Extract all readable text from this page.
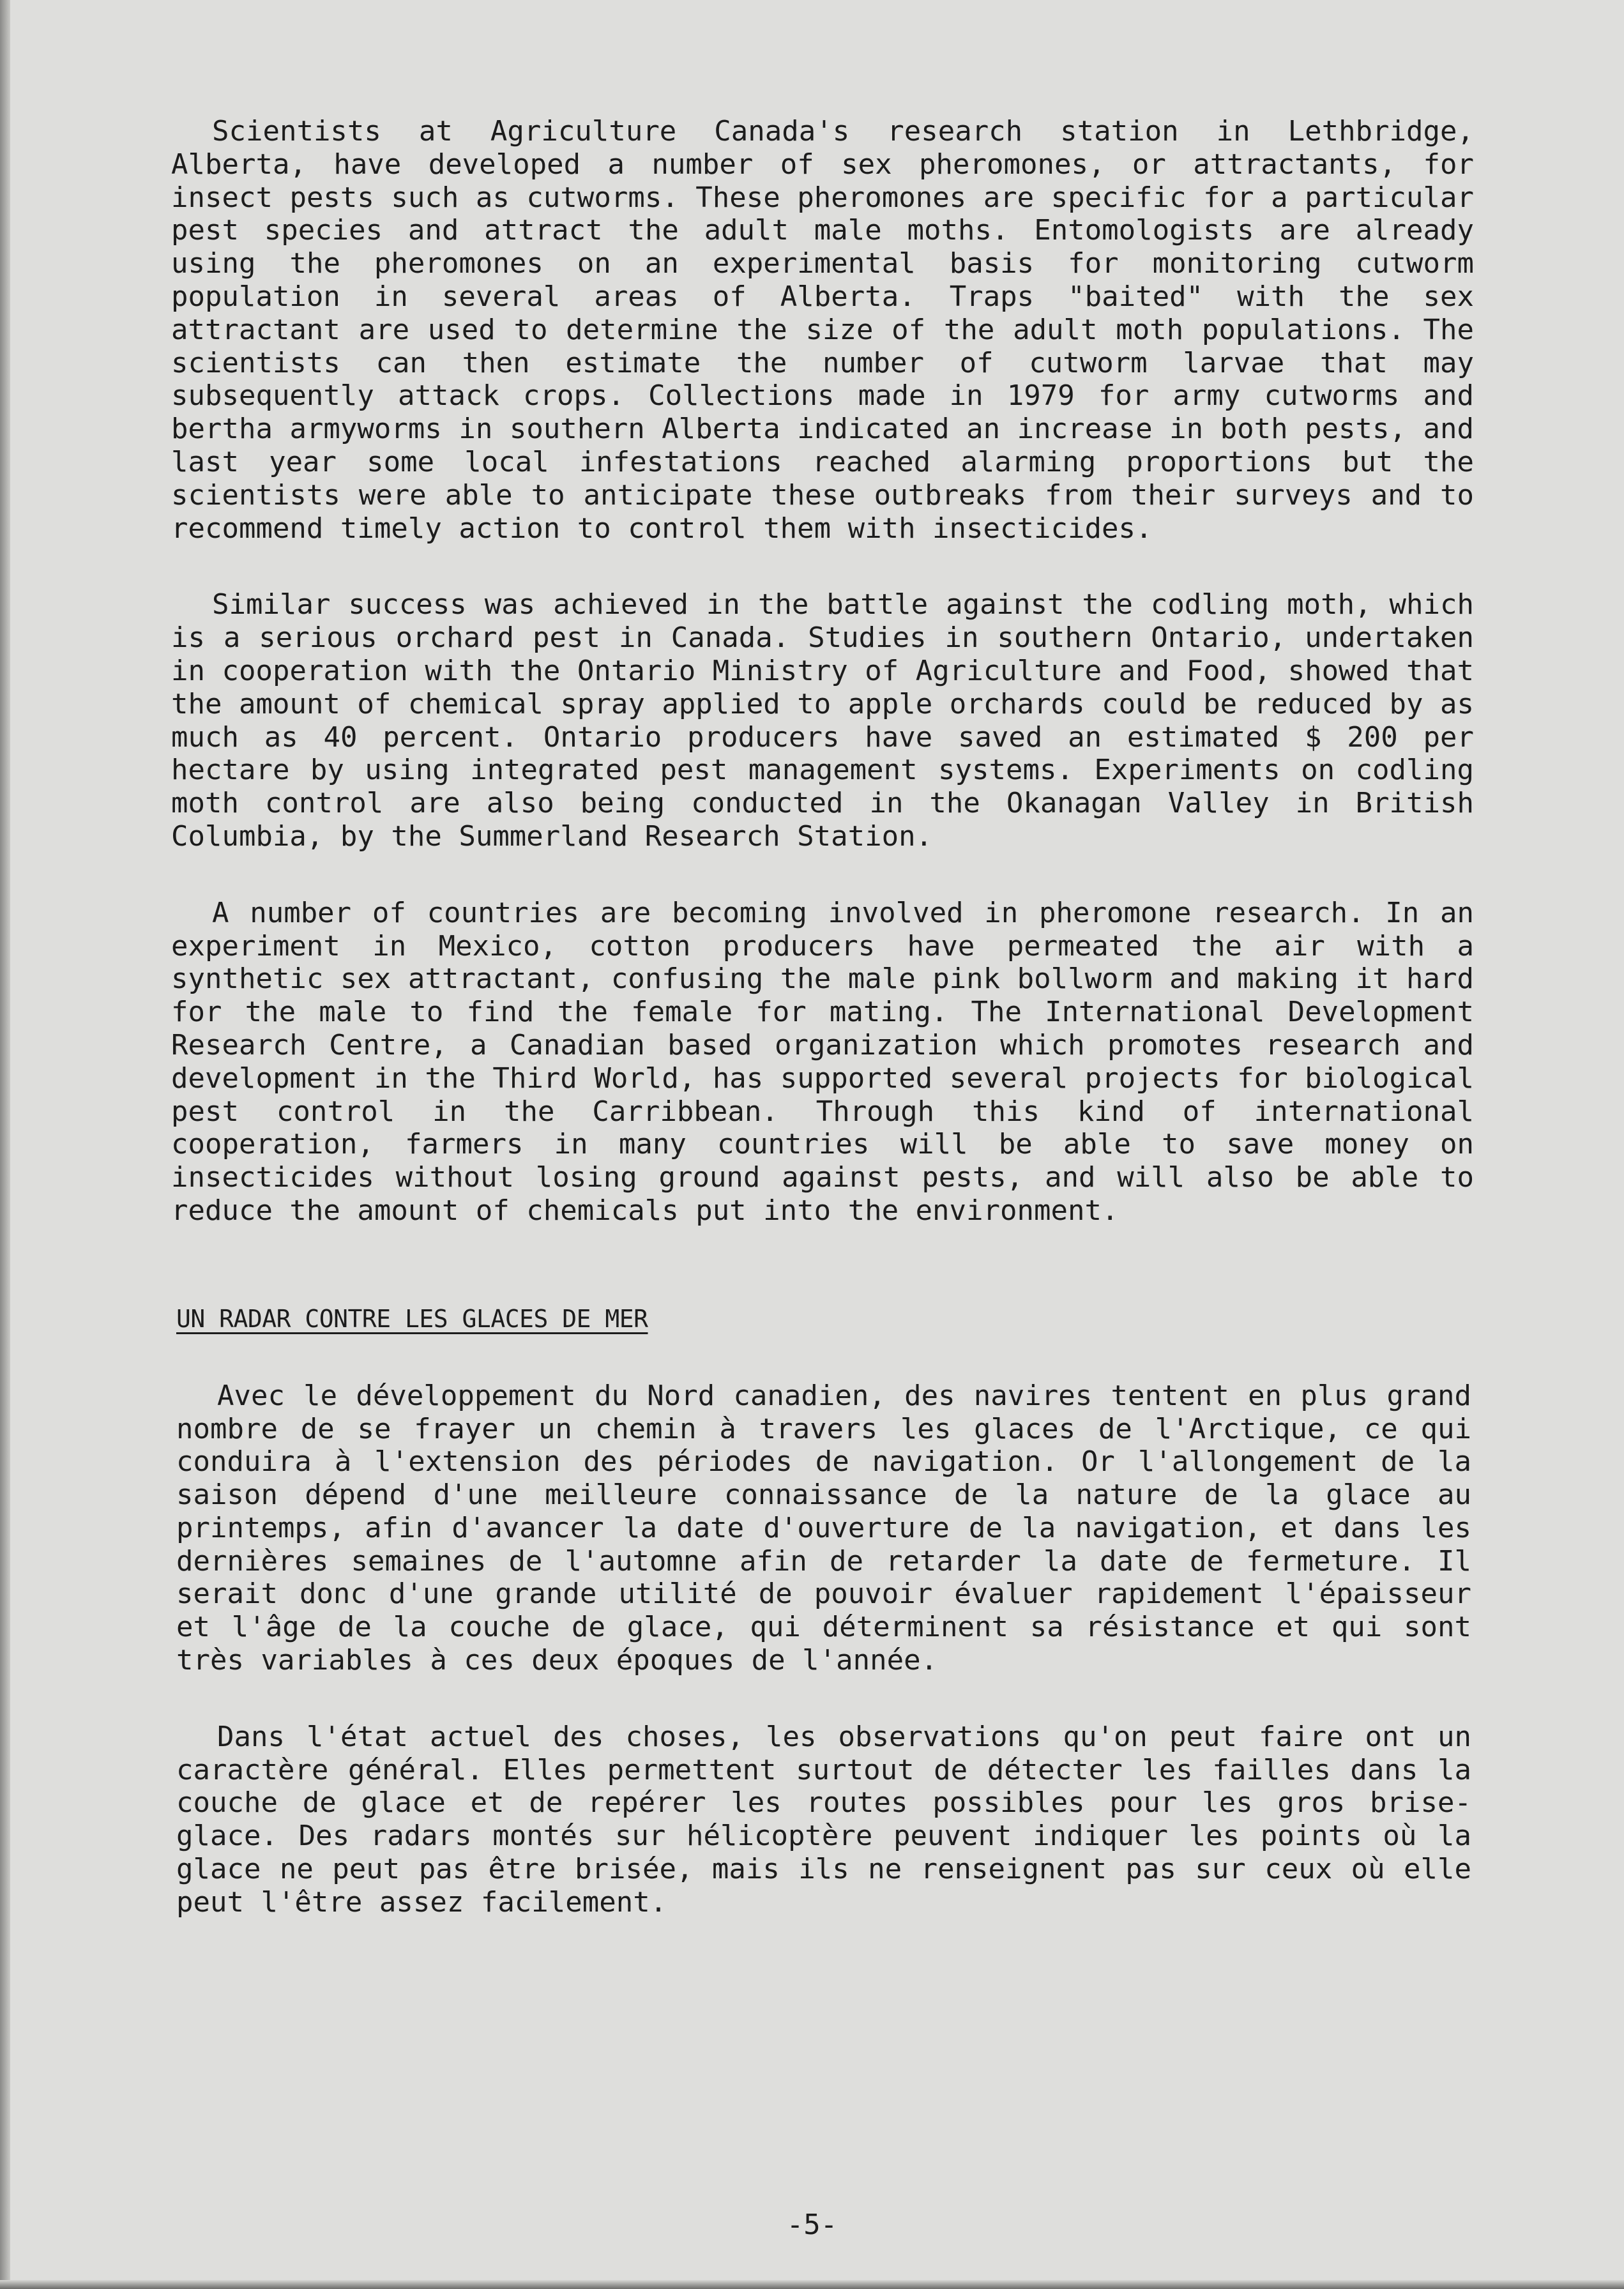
Scientists at Agriculture Canada's research station in Lethbridge, Alberta, have developed a number of sex pheromones, or attractants, for insect pests such as cutworms. These pheromones are specific for a particular pest species and attract the adult male moths. Entomologists are already using the pheromones on an experimental basis for monitoring cutworm population in several areas of Alberta. Traps "baited" with the sex attractant are used to determine the size of the adult moth populations. The scientists can then estimate the number of cutworm larvae that may subsequently attack crops. Collections made in 1979 for army cutworms and bertha armyworms in southern Alberta indicated an increase in both pests, and last year some local infestations reached alarming proportions but the scientists were able to anticipate these outbreaks from their surveys and to recommend timely action to control them with insecticides.

Similar success was achieved in the battle against the codling moth, which is a serious orchard pest in Canada. Studies in southern Ontario, undertaken in cooperation with the Ontario Ministry of Agriculture and Food, showed that the amount of chemical spray applied to apple orchards could be reduced by as much as 40 percent. Ontario producers have saved an estimated $ 200 per hectare by using integrated pest management systems. Experiments on codling moth control are also being conducted in the Okanagan Valley in British Columbia, by the Summerland Research Station.

A number of countries are becoming involved in pheromone research. In an experiment in Mexico, cotton producers have permeated the air with a synthetic sex attractant, confusing the male pink bollworm and making it hard for the male to find the female for mating. The International Development Research Centre, a Canadian based organization which promotes research and development in the Third World, has supported several projects for biological pest control in the Carribbean. Through this kind of international cooperation, farmers in many countries will be able to save money on insecticides without losing ground against pests, and will also be able to reduce the amount of chemicals put into the environment.

UN RADAR CONTRE LES GLACES DE MER

Avec le développement du Nord canadien, des navires tentent en plus grand nombre de se frayer un chemin à travers les glaces de l'Arctique, ce qui conduira à l'extension des périodes de navigation. Or l'allongement de la saison dépend d'une meilleure connaissance de la nature de la glace au printemps, afin d'avancer la date d'ouverture de la navigation, et dans les dernières semaines de l'automne afin de retarder la date de fermeture. Il serait donc d'une grande utilité de pouvoir évaluer rapidement l'épaisseur et l'âge de la couche de glace, qui déterminent sa résistance et qui sont très variables à ces deux époques de l'année.

Dans l'état actuel des choses, les observations qu'on peut faire ont un caractère général. Elles permettent surtout de détecter les failles dans la couche de glace et de repérer les routes possibles pour les gros brise-glace. Des radars montés sur hélicoptère peuvent indiquer les points où la glace ne peut pas être brisée, mais ils ne renseignent pas sur ceux où elle peut l'être assez facilement.

-5-
